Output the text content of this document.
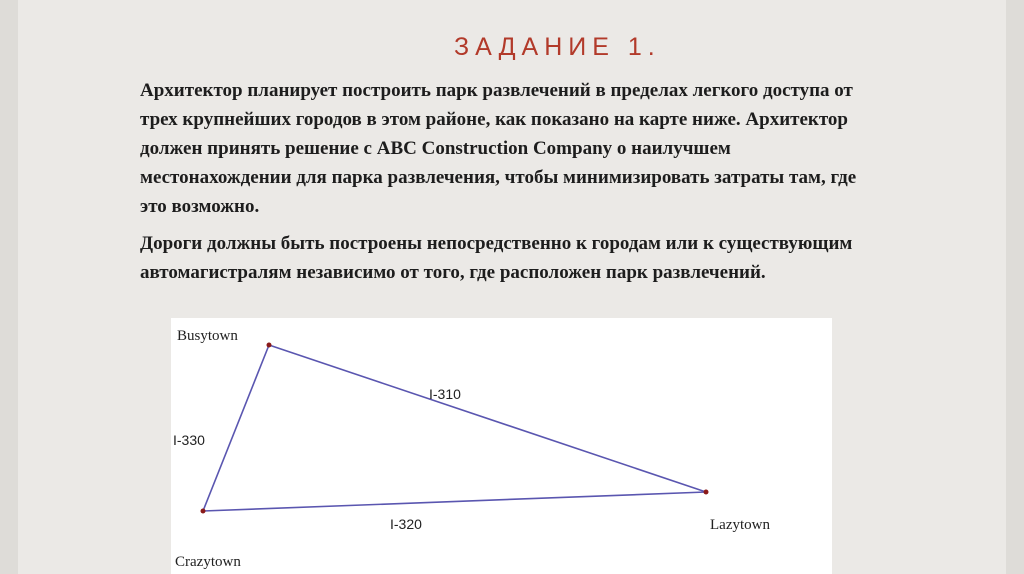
ЗАДАНИЕ 1.

Архитектор планирует построить парк развлечений в пределах легкого доступа от трех крупнейших городов в этом районе, как показано на карте ниже. Архитектор должен принять решение с ABC Construction Company о наилучшем местонахождении для парка развлечения, чтобы минимизировать затраты там, где это возможно.

Дороги должны быть построены непосредственно к городам или к существующим автомагистралям независимо от того, где расположен парк развлечений.

Busytown
Lazytown
Crazytown
I-310
I-330
I-320
